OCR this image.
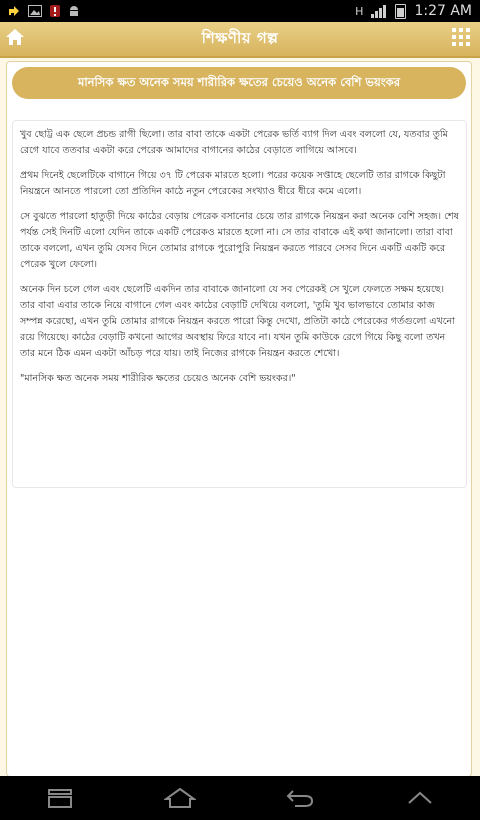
H	1:27 AM
শিক্ষণীয় গল্প
মানসিক ক্ষত অনেক সময় শারীরিক ক্ষতের চেয়েও অনেক বেশি ভয়ংকর

খুব ছোট্ট এক ছেলে প্রচন্ড রাগী ছিলো। তার বাবা তাকে একটা পেরেক ভর্তি ব্যাগ দিল এবং বললো যে, যতবার তুমি রেগে যাবে ততবার একটা করে পেরেক আমাদের বাগানের কাঠের বেড়াতে লাগিয়ে আসবে।

প্রথম দিনেই ছেলেটিকে বাগানে গিয়ে ৩৭ টি পেরেক মারতে হলো। পরের কয়েক সপ্তাহে ছেলেটি তার রাগকে কিছুটা নিয়ন্ত্রনে আনতে পারলো তো প্রতিদিন কাঠে নতুন পেরেকের সংখ্যাও ধীরে ধীরে কমে এলো।

সে বুঝতে পারলো হাতুড়ী দিয়ে কাঠের বেড়ায় পেরেক বসানোর চেয়ে তার রাগকে নিয়ন্ত্রন করা অনেক বেশি সহজ। শেষ পর্যন্ত সেই দিনটি এলো যেদিন তাকে একটি পেরেকও মারতে হলো না। সে তার বাবাকে এই কথা জানালো। তারা বাবা তাকে বললো, এখন তুমি যেসব দিনে তোমার রাগকে পুরোপুরি নিয়ন্ত্রন করতে পারবে সেসব দিনে একটি একটি করে পেরেক খুলে ফেলো।

অনেক দিন চলে গেল এবং ছেলেটি একদিন তার বাবাকে জানালো যে সব পেরেকই সে খুলে ফেলতে সক্ষম হয়েছে। তার বাবা এবার তাকে নিয়ে বাগানে গেল এবং কাঠের বেড়াটি দেখিয়ে বললো, 'তুমি খুব ভালভাবে তোমার কাজ সম্পন্ন করেছো, এখন তুমি তোমার রাগকে নিয়ন্ত্রন করতে পারো কিন্তু দেখো, প্রতিটা কাঠে পেরেকের গর্তগুলো এখনো রয়ে গিয়েছে। কাঠের বেড়াটি কখনো আগের অবস্থায় ফিরে যাবে না। যখন তুমি কাউকে রেগে গিয়ে কিছু বলো তখন তার মনে ঠিক এমন একটা আঁচড় পরে যায়। তাই নিজের রাগকে নিয়ন্ত্রন করতে শেখো।

"মানসিক ক্ষত অনেক সময় শারীরিক ক্ষতের চেয়েও অনেক বেশি ভয়ংকর।"
